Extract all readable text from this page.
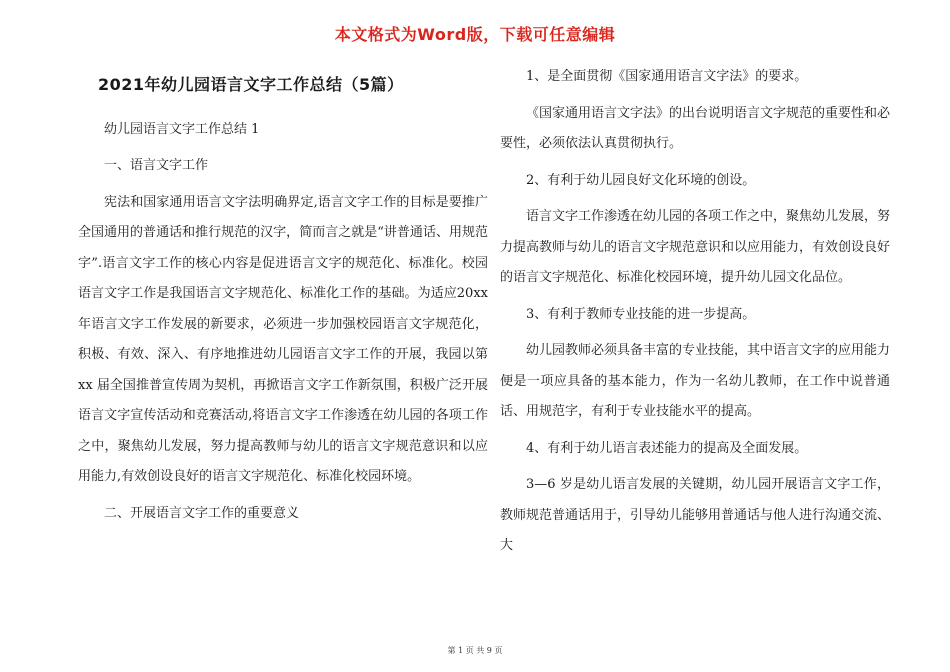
本文格式为Word版，下载可任意编辑
2021年幼儿园语言文字工作总结（5篇）

幼儿园语言文字工作总结 1

一、语言文字工作

宪法和国家通用语言文字法明确界定,语言文字工作的目标是要推广全国通用的普通话和推行规范的汉字，简而言之就是“讲普通话、用规范字”.语言文字工作的核心内容是促进语言文字的规范化、标准化。校园语言文字工作是我国语言文字规范化、标准化工作的基础。为适应20xx年语言文字工作发展的新要求，必须进一步加强校园语言文字规范化，积极、有效、深入、有序地推进幼儿园语言文字工作的开展，我园以第 xx 届全国推普宣传周为契机，再掀语言文字工作新氛围，积极广泛开展语言文字宣传活动和竞赛活动,将语言文字工作渗透在幼儿园的各项工作之中，聚焦幼儿发展，努力提高教师与幼儿的语言文字规范意识和以应用能力,有效创设良好的语言文字规范化、标准化校园环境。

二、开展语言文字工作的重要意义

1、是全面贯彻《国家通用语言文字法》的要求。

《国家通用语言文字法》的出台说明语言文字规范的重要性和必要性，必须依法认真贯彻执行。

2、有利于幼儿园良好文化环境的创设。

语言文字工作渗透在幼儿园的各项工作之中，聚焦幼儿发展，努力提高教师与幼儿的语言文字规范意识和以应用能力，有效创设良好的语言文字规范化、标准化校园环境，提升幼儿园文化品位。

3、有利于教师专业技能的进一步提高。

幼儿园教师必须具备丰富的专业技能，其中语言文字的应用能力便是一项应具备的基本能力，作为一名幼儿教师，在工作中说普通话、用规范字，有利于专业技能水平的提高。

4、有利于幼儿语言表述能力的提高及全面发展。

3—6 岁是幼儿语言发展的关键期，幼儿园开展语言文字工作，教师规范普通话用于，引导幼儿能够用普通话与他人进行沟通交流、大

第 1 页 共 9 页
